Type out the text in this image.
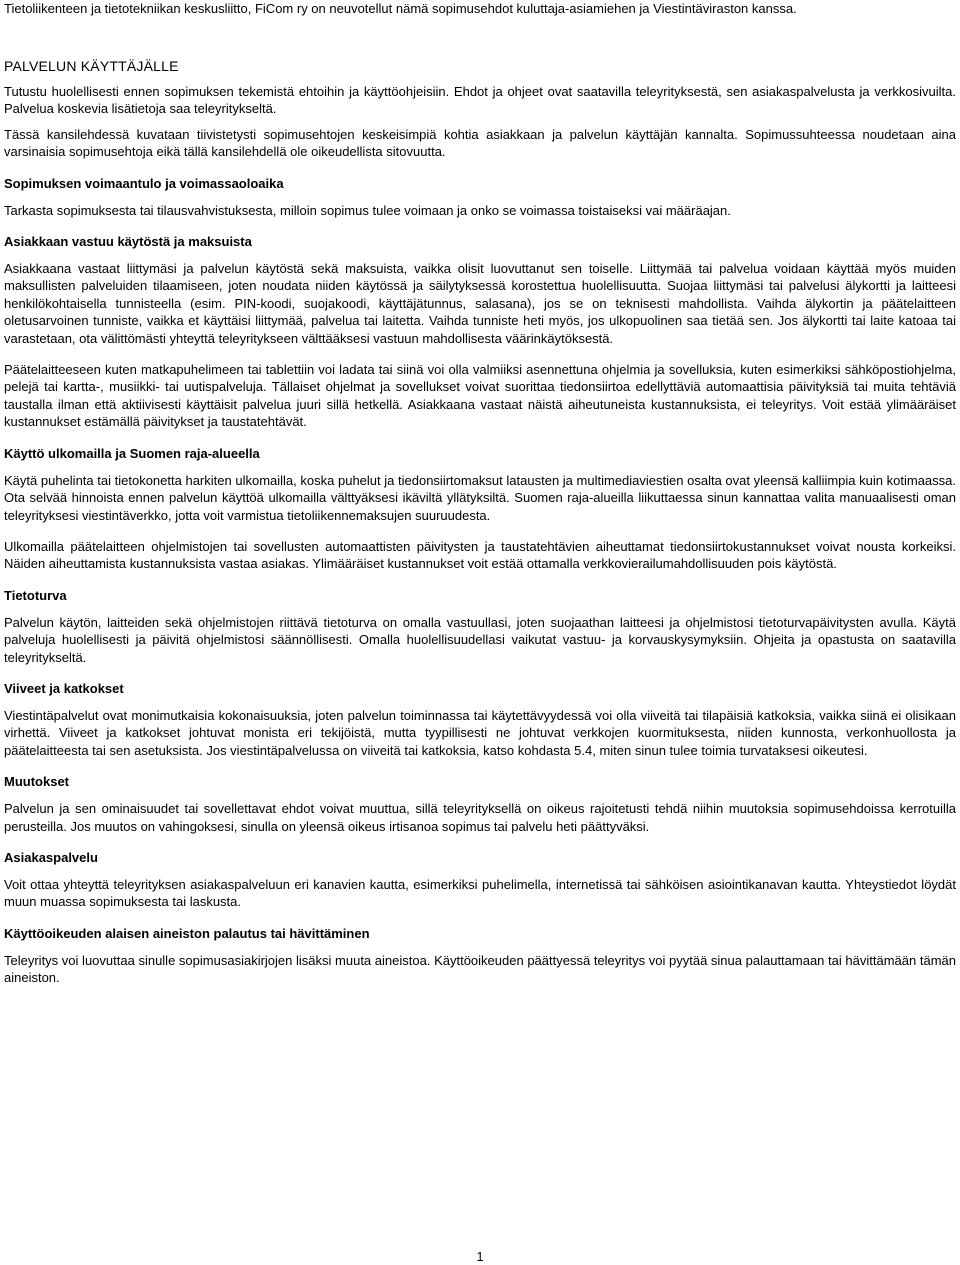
Tietoliikenteen ja tietotekniikan keskusliitto, FiCom ry on neuvotellut nämä sopimusehdot kuluttaja-asiamiehen ja Viestintäviraston kanssa.

PALVELUN KÄYTTÄJÄLLE

Tutustu huolellisesti ennen sopimuksen tekemistä ehtoihin ja käyttöohjeisiin. Ehdot ja ohjeet ovat saatavilla teleyrityksestä, sen asiakaspalvelusta ja verkkosivuilta. Palvelua koskevia lisätietoja saa teleyritykseltä.

Tässä kansilehdessä kuvataan tiivistetysti sopimusehtojen keskeisimpiä kohtia asiakkaan ja palvelun käyttäjän kannalta. Sopimussuhteessa noudetaan aina varsinaisia sopimusehtoja eikä tällä kansilehdellä ole oikeudellista sitovuutta.

Sopimuksen voimaantulo ja voimassaoloaika

Tarkasta sopimuksesta tai tilausvahvistuksesta, milloin sopimus tulee voimaan ja onko se voimassa toistaiseksi vai määräajan.

Asiakkaan vastuu käytöstä ja maksuista

Asiakkaana vastaat liittymäsi ja palvelun käytöstä sekä maksuista, vaikka olisit luovuttanut sen toiselle. Liittymää tai palvelua voidaan käyttää myös muiden maksullisten palveluiden tilaamiseen, joten noudata niiden käytössä ja säilytyksessä korostettua huolellisuutta. Suojaa liittymäsi tai palvelusi älykortti ja laitteesi henkilökohtaisella tunnisteella (esim. PIN-koodi, suojakoodi, käyttäjätunnus, salasana), jos se on teknisesti mahdollista. Vaihda älykortin ja päätelaitteen oletusarvoinen tunniste, vaikka et käyttäisi liittymää, palvelua tai laitetta. Vaihda tunniste heti myös, jos ulkopuolinen saa tietää sen. Jos älykortti tai laite katoaa tai varastetaan, ota välittömästi yhteyttä teleyritykseen välttääksesi vastuun mahdollisesta väärinkäytöksestä.

Päätelaitteeseen kuten matkapuhelimeen tai tablettiin voi ladata tai siinä voi olla valmiiksi asennettuna ohjelmia ja sovelluksia, kuten esimerkiksi sähköpostiohjelma, pelejä tai kartta-, musiikki- tai uutispalveluja. Tällaiset ohjelmat ja sovellukset voivat suorittaa tiedonsiirtoa edellyttäviä automaattisia päivityksiä tai muita tehtäviä taustalla ilman että aktiivisesti käyttäisit palvelua juuri sillä hetkellä. Asiakkaana vastaat näistä aiheutuneista kustannuksista, ei teleyritys. Voit estää ylimääräiset kustannukset estämällä päivitykset ja taustatehtävät.

Käyttö ulkomailla ja Suomen raja-alueella

Käytä puhelinta tai tietokonetta harkiten ulkomailla, koska puhelut ja tiedonsiirtomaksut latausten ja multimediaviestien osalta ovat yleensä kalliimpia kuin kotimaassa. Ota selvää hinnoista ennen palvelun käyttöä ulkomailla välttyäksesi ikäviltä yllätyksiltä. Suomen raja-alueilla liikuttaessa sinun kannattaa valita manuaalisesti oman teleyrityksesi viestintäverkko, jotta voit varmistua tietoliikennemaksujen suuruudesta.

Ulkomailla päätelaitteen ohjelmistojen tai sovellusten automaattisten päivitysten ja taustatehtävien aiheuttamat tiedonsiirtokustannukset voivat nousta korkeiksi. Näiden aiheuttamista kustannuksista vastaa asiakas. Ylimääräiset kustannukset voit estää ottamalla verkkovierailumahdollisuuden pois käytöstä.

Tietoturva

Palvelun käytön, laitteiden sekä ohjelmistojen riittävä tietoturva on omalla vastuullasi, joten suojaathan laitteesi ja ohjelmistosi tietoturvapäivitysten avulla. Käytä palveluja huolellisesti ja päivitä ohjelmistosi säännöllisesti. Omalla huolellisuudellasi vaikutat vastuu- ja korvauskysymyksiin. Ohjeita ja opastusta on saatavilla teleyritykseltä.

Viiveet ja katkokset

Viestintäpalvelut ovat monimutkaisia kokonaisuuksia, joten palvelun toiminnassa tai käytettävyydessä voi olla viiveitä tai tilapäisiä katkoksia, vaikka siinä ei olisikaan virhettä. Viiveet ja katkokset johtuvat monista eri tekijöistä, mutta tyypillisesti ne johtuvat verkkojen kuormituksesta, niiden kunnosta, verkonhuollosta ja päätelaitteesta tai sen asetuksista. Jos viestintäpalvelussa on viiveitä tai katkoksia, katso kohdasta 5.4, miten sinun tulee toimia turvataksesi oikeutesi.

Muutokset

Palvelun ja sen ominaisuudet tai sovellettavat ehdot voivat muuttua, sillä teleyrityksellä on oikeus rajoitetusti tehdä niihin muutoksia sopimusehdoissa kerrotuilla perusteilla. Jos muutos on vahingoksesi, sinulla on yleensä oikeus irtisanoa sopimus tai palvelu heti päättyväksi.

Asiakaspalvelu

Voit ottaa yhteyttä teleyrityksen asiakaspalveluun eri kanavien kautta, esimerkiksi puhelimella, internetissä tai sähköisen asiointikanavan kautta. Yhteystiedot löydät muun muassa sopimuksesta tai laskusta.

Käyttöoikeuden alaisen aineiston palautus tai hävittäminen

Teleyritys voi luovuttaa sinulle sopimusasiakirjojen lisäksi muuta aineistoa. Käyttöoikeuden päättyessä teleyritys voi pyytää sinua palauttamaan tai hävittämään tämän aineiston.

1
